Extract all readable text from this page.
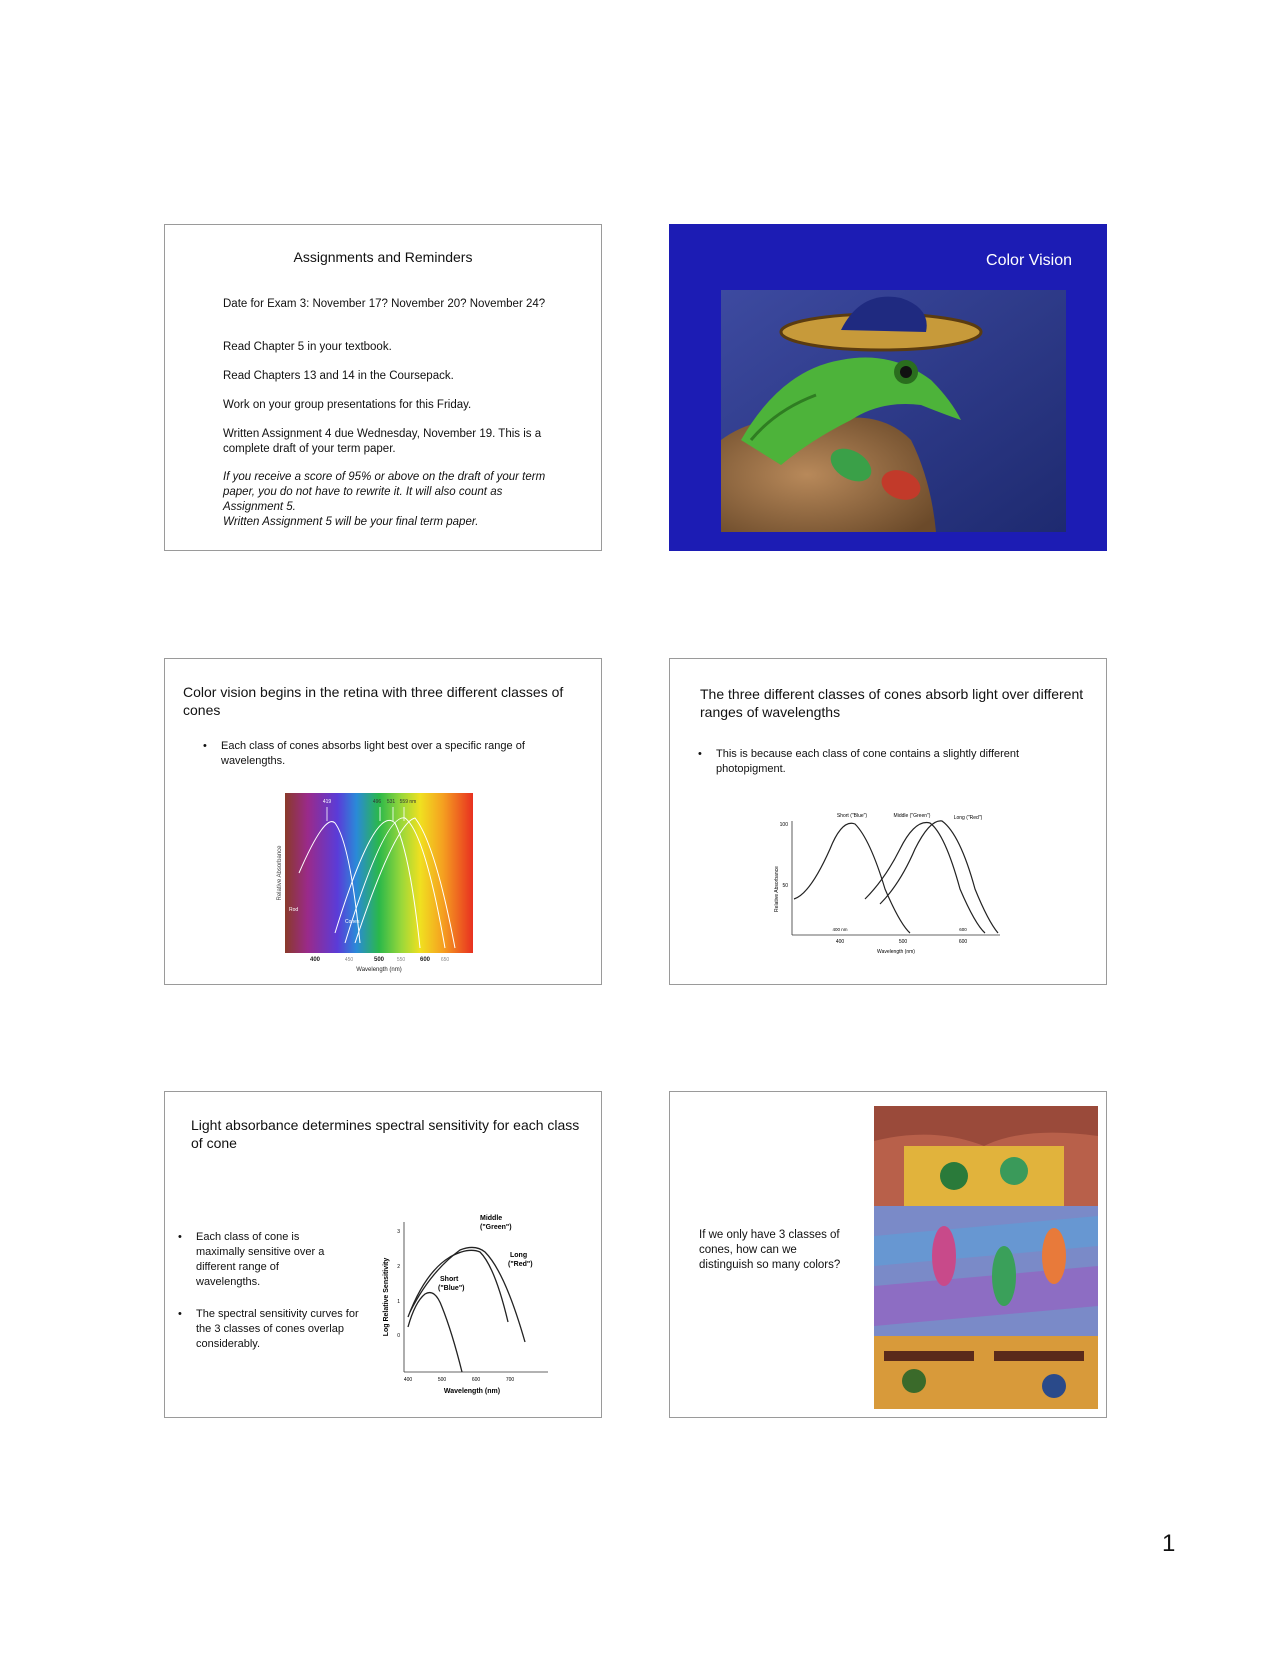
Assignments and Reminders
Date for Exam 3: November 17? November 20? November 24?
Read Chapter 5 in your textbook.
Read Chapters 13 and 14 in the Coursepack.
Work on your group presentations for this Friday.
Written Assignment 4 due Wednesday, November 19. This is a complete draft of your term paper.
If you receive a score of 95% or above on the draft of your term paper, you do not have to rewrite it. It will also count as Assignment 5.
Written Assignment 5 will be your final term paper.
Color Vision
Color vision begins in the retina with three different classes of cones
• Each class of cones absorbs light best over a specific range of wavelengths.
Relative Absorbance
419	496 531 559 nm
Rod
Cones
400	450	500	550 600 650
Wavelength (nm)
The three different classes of cones absorb light over different ranges of wavelengths
• This is because each class of cone contains a slightly different photopigment.
100
50
Relative Absorbance
Short ("Blue")	Middle ("Green")	Long ("Red")
400 nm	600
400	500	600
Wavelength (nm)
Light absorbance determines spectral sensitivity for each class of cone
• Each class of cone is maximally sensitive over a different range of wavelengths.
• The spectral sensitivity curves for the 3 classes of cones overlap considerably.
Log Relative Sensitivity
3
2
1
0
Middle
("Green")
Long
("Red")
Short
("Blue")
400	500	600	700
Wavelength (nm)
If we only have 3 classes of cones, how can we distinguish so many colors?
1
